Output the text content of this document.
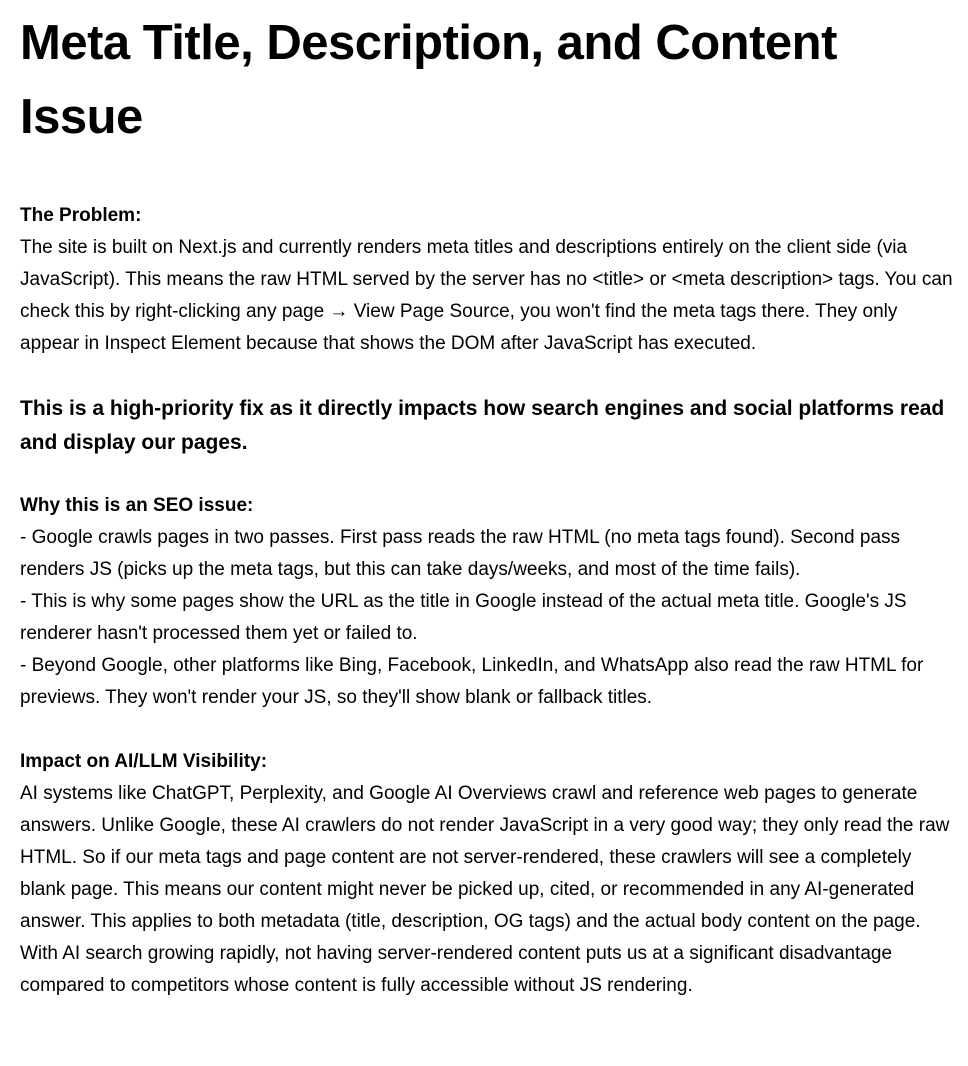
Meta Title, Description, and Content Issue
The Problem:

The site is built on Next.js and currently renders meta titles and descriptions entirely on the client side (via JavaScript). This means the raw HTML served by the server has no <title> or <meta description> tags. You can check this by right-clicking any page → View Page Source, you won't find the meta tags there. They only appear in Inspect Element because that shows the DOM after JavaScript has executed.

This is a high-priority fix as it directly impacts how search engines and social platforms read and display our pages.

Why this is an SEO issue:

- Google crawls pages in two passes. First pass reads the raw HTML (no meta tags found). Second pass renders JS (picks up the meta tags, but this can take days/weeks, and most of the time fails).

- This is why some pages show the URL as the title in Google instead of the actual meta title. Google's JS renderer hasn't processed them yet or failed to.

- Beyond Google, other platforms like Bing, Facebook, LinkedIn, and WhatsApp also read the raw HTML for previews. They won't render your JS, so they'll show blank or fallback titles.

Impact on AI/LLM Visibility:

AI systems like ChatGPT, Perplexity, and Google AI Overviews crawl and reference web pages to generate answers. Unlike Google, these AI crawlers do not render JavaScript in a very good way; they only read the raw HTML. So if our meta tags and page content are not server-rendered, these crawlers will see a completely blank page. This means our content might never be picked up, cited, or recommended in any AI-generated answer. This applies to both metadata (title, description, OG tags) and the actual body content on the page. With AI search growing rapidly, not having server-rendered content puts us at a significant disadvantage compared to competitors whose content is fully accessible without JS rendering.
